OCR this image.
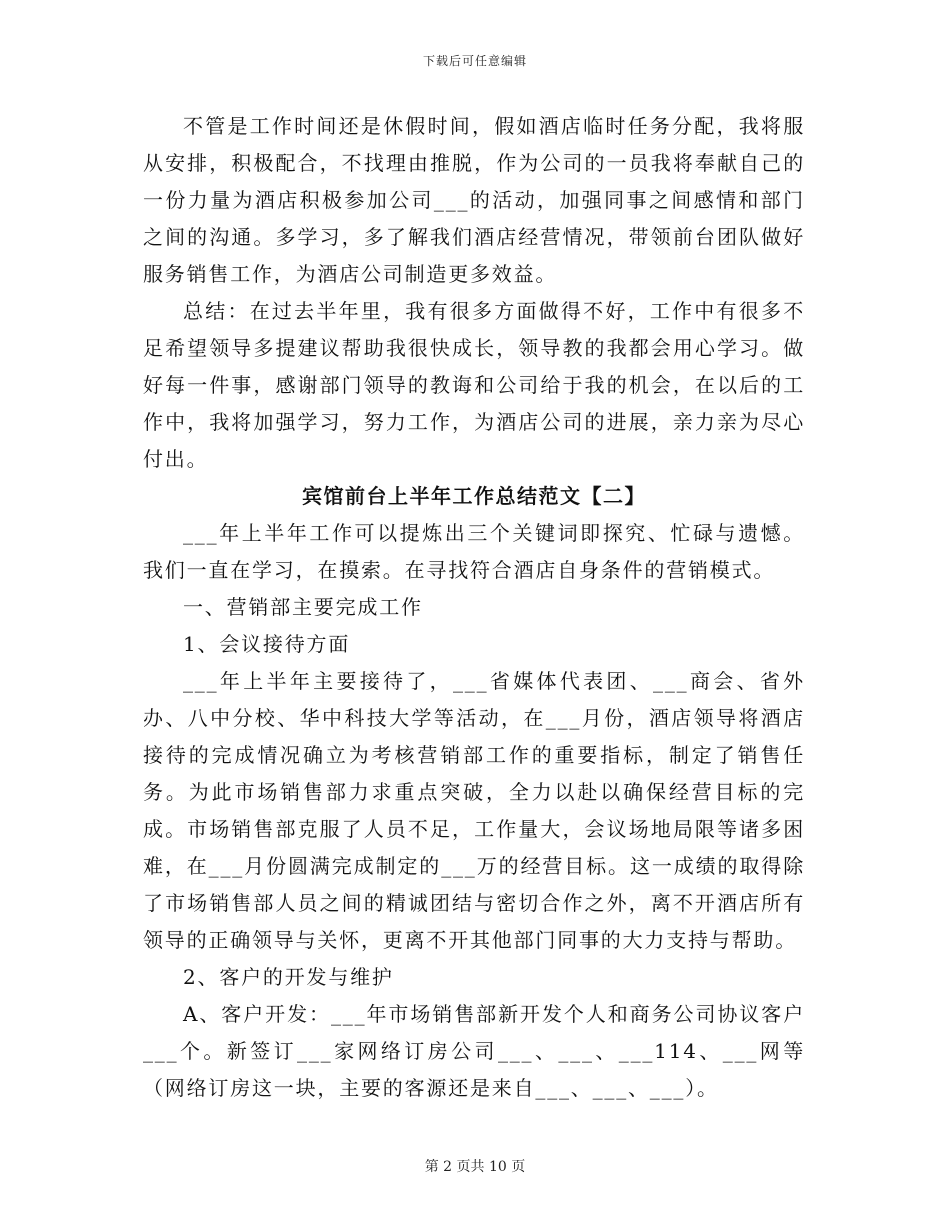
下载后可任意编辑

不管是工作时间还是休假时间，假如酒店临时任务分配，我将服从安排，积极配合，不找理由推脱，作为公司的一员我将奉献自己的一份力量为酒店积极参加公司___的活动，加强同事之间感情和部门之间的沟通。多学习，多了解我们酒店经营情况，带领前台团队做好服务销售工作，为酒店公司制造更多效益。

总结：在过去半年里，我有很多方面做得不好，工作中有很多不足希望领导多提建议帮助我很快成长，领导教的我都会用心学习。做好每一件事，感谢部门领导的教诲和公司给于我的机会，在以后的工作中，我将加强学习，努力工作，为酒店公司的进展，亲力亲为尽心付出。

宾馆前台上半年工作总结范文【二】

___年上半年工作可以提炼出三个关键词即探究、忙碌与遗憾。我们一直在学习，在摸索。在寻找符合酒店自身条件的营销模式。

一、营销部主要完成工作

1、会议接待方面

___年上半年主要接待了，___省媒体代表团、___商会、省外办、八中分校、华中科技大学等活动，在___月份，酒店领导将酒店接待的完成情况确立为考核营销部工作的重要指标，制定了销售任务。为此市场销售部力求重点突破，全力以赴以确保经营目标的完成。市场销售部克服了人员不足，工作量大，会议场地局限等诸多困难，在___月份圆满完成制定的___万的经营目标。这一成绩的取得除了市场销售部人员之间的精诚团结与密切合作之外，离不开酒店所有领导的正确领导与关怀，更离不开其他部门同事的大力支持与帮助。

2、客户的开发与维护

A、客户开发：___年市场销售部新开发个人和商务公司协议客户___个。新签订___家网络订房公司___、___、___114、___网等（网络订房这一块，主要的客源还是来自___、___、___）。

第 2 页共 10 页
